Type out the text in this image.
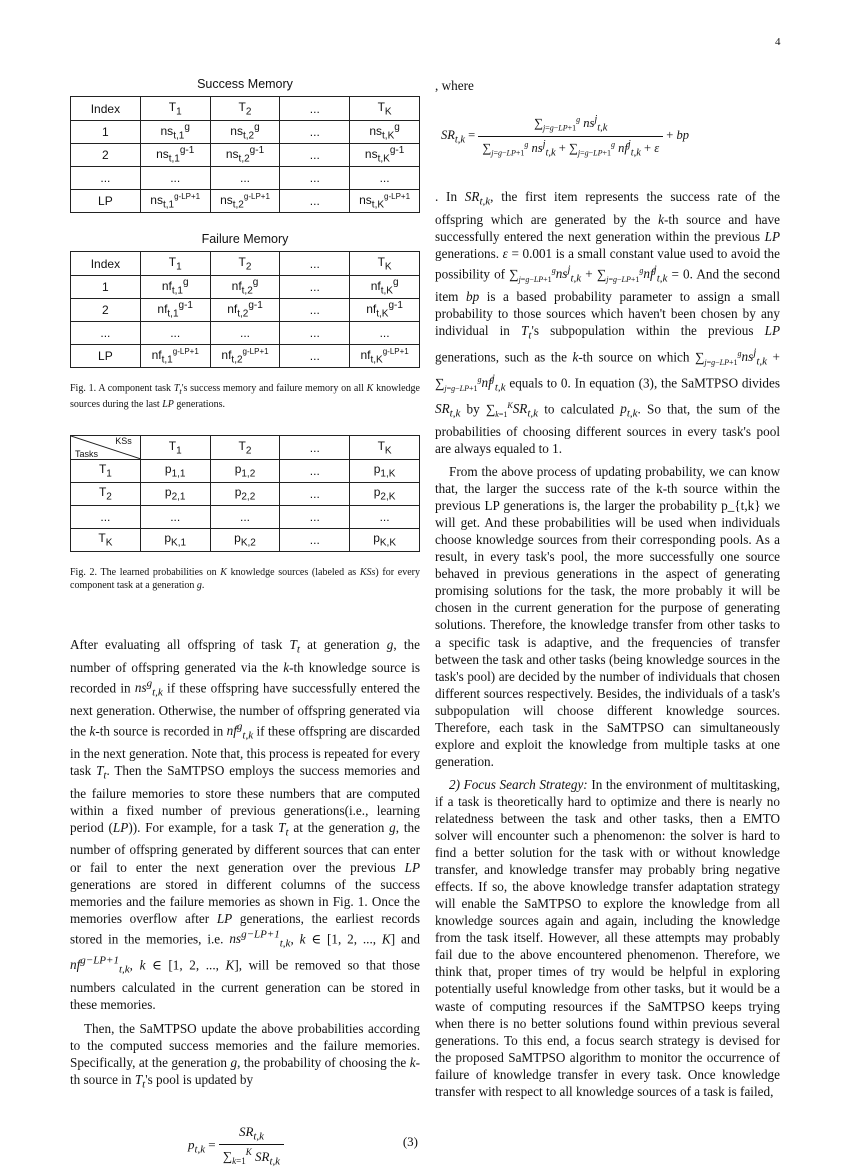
4
Success Memory
Index	$T_1$	$T_2$	...	$T_K$
1	$ns_{t,1}^g$	$ns_{t,2}^g$	...	$ns_{t,K}^g$
2	$ns_{t,1}^{g-1}$	$ns_{t,2}^{g-1}$	...	$ns_{t,K}^{g-1}$
...	...	...	...	...
LP	$ns_{t,1}^{g-LP+1}$	$ns_{t,2}^{g-LP+1}$	...	$ns_{t,K}^{g-LP+1}$
Failure Memory
Index	$T_1$	$T_2$	...	$T_K$
1	$nf_{t,1}^g$	$nf_{t,2}^g$	...	$nf_{t,K}^g$
2	$nf_{t,1}^{g-1}$	$nf_{t,2}^{g-1}$	...	$nf_{t,K}^{g-1}$
...	...	...	...	...
LP	$nf_{t,1}^{g-LP+1}$	$nf_{t,2}^{g-LP+1}$	...	$nf_{t,K}^{g-LP+1}$
Fig. 1. A component task $T_t's$ success memory and failure memory on all K knowledge sources during the last LP generations.
KSs
Tasks	$T_1$	$T_2$	...	$T_K$
$T_1$	$p_{1,1}$	$p_{1,2}$	...	$p_{1,K}$
$T_2$	$p_{2,1}$	$p_{2,2}$	...	$p_{2,K}$
...	...	...	...	...
$T_K$	$p_{K,1}$	$p_{K,2}$	...	$p_{K,K}$
Fig. 2. The learned probabilities on K knowledge sources (labeled as KSs) for every component task at a generation g.

After evaluating all offspring of task $T_t$ at generation g, the number of offspring generated via the k-th knowledge source is recorded in $ns^g_{t,k}$ if these offspring have successfully entered the next generation. Otherwise, the number of offspring generated via the k-th source is recorded in $nf^g_{t,k}$ if these offspring are discarded in the next generation. Note that, this process is repeated for every task $T_t$. Then the SaMTPSO employs the success memories and the failure memories to store these numbers that are computed within a fixed number of previous generations(i.e., learning period (LP)). For example, for a task $T_t$ at the generation g, the number of offspring generated by different sources that can enter or fail to enter the next generation over the previous LP generations are stored in different columns of the success memories and the failure memories as shown in Fig. 1. Once the memories overflow after LP generations, the earliest records stored in the memories, i.e. $ns^{g-LP+1}_{t,k}$, k ∈ [1, 2, ..., K] and $nf^{g-LP+1}_{t,k}$, k ∈ [1, 2, ..., K], will be removed so that those numbers calculated in the current generation can be stored in these memories.

Then, the SaMTPSO update the above probabilities according to the computed success memories and the failure memories. Specifically, at the generation g, the probability of choosing the k-th source in $T_t's$ pool is updated by

$p_{t,k} = \frac{SR_{t,k}}{\sum_{k=1}^K SR_{t,k}}$	(3)

, where

$SR_{t,k} = \frac{\sum_{j=g-LP+1}^g ns^j_{t,k}}{\sum_{j=g-LP+1}^g ns^j_{t,k} + \sum_{j=g-LP+1}^g nf^j_{t,k} + \varepsilon}$ + bp

. In $SR_{t,k}$, the first item represents the success rate of the offspring which are generated by the k-th source and have successfully entered the next generation within the previous LP generations. ε = 0.001 is a small constant value used to avoid the possibility of $\sum_{j=g-LP+1}^gns^j_{t,k} + \sum_{j=g-LP+1}^gnf^j_{t,k} = 0$. And the second item bp is a based probability parameter to assign a small probability to those sources which haven't been chosen by any individual in $T_t's$ subpopulation within the previous LP generations, such as the k-th source on which $\sum_{j=g-LP+1}^gns^j_{t,k} + \sum_{j=g-LP+1}^gnf^j_{t,k}$ equals to 0. In equation (3), the SaMTPSO divides $SR_{t,k}$ by $\sum_{k=1}^KSR_{t,k}$ to calculated $p_{t,k}$. So that, the sum of the probabilities of choosing different sources in every task's pool are always equaled to 1.

From the above process of updating probability, we can know that, the larger the success rate of the k-th source within the previous LP generations is, the larger the probability p_{t,k} we will get. And these probabilities will be used when individuals choose knowledge sources from their corresponding pools. As a result, in every task's pool, the more successfully one source behaved in previous generations in the aspect of generating promising solutions for the task, the more probably it will be chosen in the current generation for the purpose of generating solutions. Therefore, the knowledge transfer from other tasks to a specific task is adaptive, and the frequencies of transfer between the task and other tasks (being knowledge sources in the task's pool) are decided by the number of individuals that chosen different sources respectively. Besides, the individuals of a task's subpopulation will choose different knowledge sources. Therefore, each task in the SaMTPSO can simultaneously explore and exploit the knowledge from multiple tasks at one generation.

2) Focus Search Strategy: In the environment of multitasking, if a task is theoretically hard to optimize and there is nearly no relatedness between the task and other tasks, then a EMTO solver will encounter such a phenomenon: the solver is hard to find a better solution for the task with or without knowledge transfer, and knowledge transfer may probably bring negative effects. If so, the above knowledge transfer adaptation strategy will enable the SaMTPSO to explore the knowledge from all knowledge sources again and again, including the knowledge from the task itself. However, all these attempts may probably fail due to the above encountered phenomenon. Therefore, we think that, proper times of try would be helpful in exploring potentially useful knowledge from other tasks, but it would be a waste of computing resources if the SaMTPSO keeps trying when there is no better solutions found within previous several generations. To this end, a focus search strategy is devised for the proposed SaMTPSO algorithm to monitor the occurrence of failure of knowledge transfer in every task. Once knowledge transfer with respect to all knowledge sources of a task is failed,
